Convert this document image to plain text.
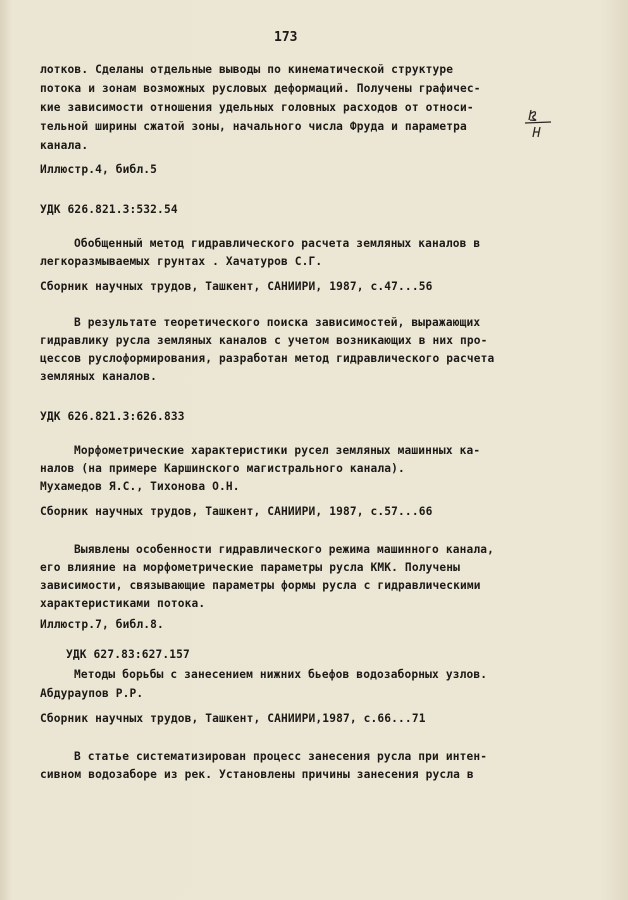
173
лотков. Сделаны отдельные выводы по кинематической структуре
потока и зонам возможных русловых деформаций. Получены графичес-
кие зависимости отношения удельных головных расходов от относи-
тельной ширины сжатой зоны, начального числа Фруда и параметра
канала.
Иллюстр.4, библ.5
УДК 626.821.3:532.54
Обобщенный метод гидравлического расчета земляных каналов в
легкоразмываемых грунтах . Хачатуров С.Г.
Сборник научных трудов, Ташкент, САНИИРИ, 1987, с.47...56
В результате теоретического поиска зависимостей, выражающих
гидравлику русла земляных каналов с учетом возникающих в них про-
цессов руслоформирования, разработан метод гидравлического расчета
земляных каналов.
УДК 626.821.3:626.833
Морфометрические характеристики русел земляных машинных ка-
налов (на примере Каршинского магистрального канала).
Мухамедов Я.С., Тихонова О.Н.
Сборник научных трудов, Ташкент, САНИИРИ, 1987, с.57...66
Выявлены особенности гидравлического режима машинного канала,
его влияние на морфометрические параметры русла КМК. Получены
зависимости, связывающие параметры формы русла с гидравлическими
характеристиками потока.
Иллюстр.7, библ.8.
УДК 627.83:627.157
Методы борьбы с занесением нижних бьефов водозаборных узлов.
Абдураупов Р.Р.
Сборник научных трудов, Ташкент, САНИИРИ,1987, с.66...71
В статье систематизирован процесс занесения русла при интен-
сивном водозаборе из рек. Установлены причины занесения русла в
